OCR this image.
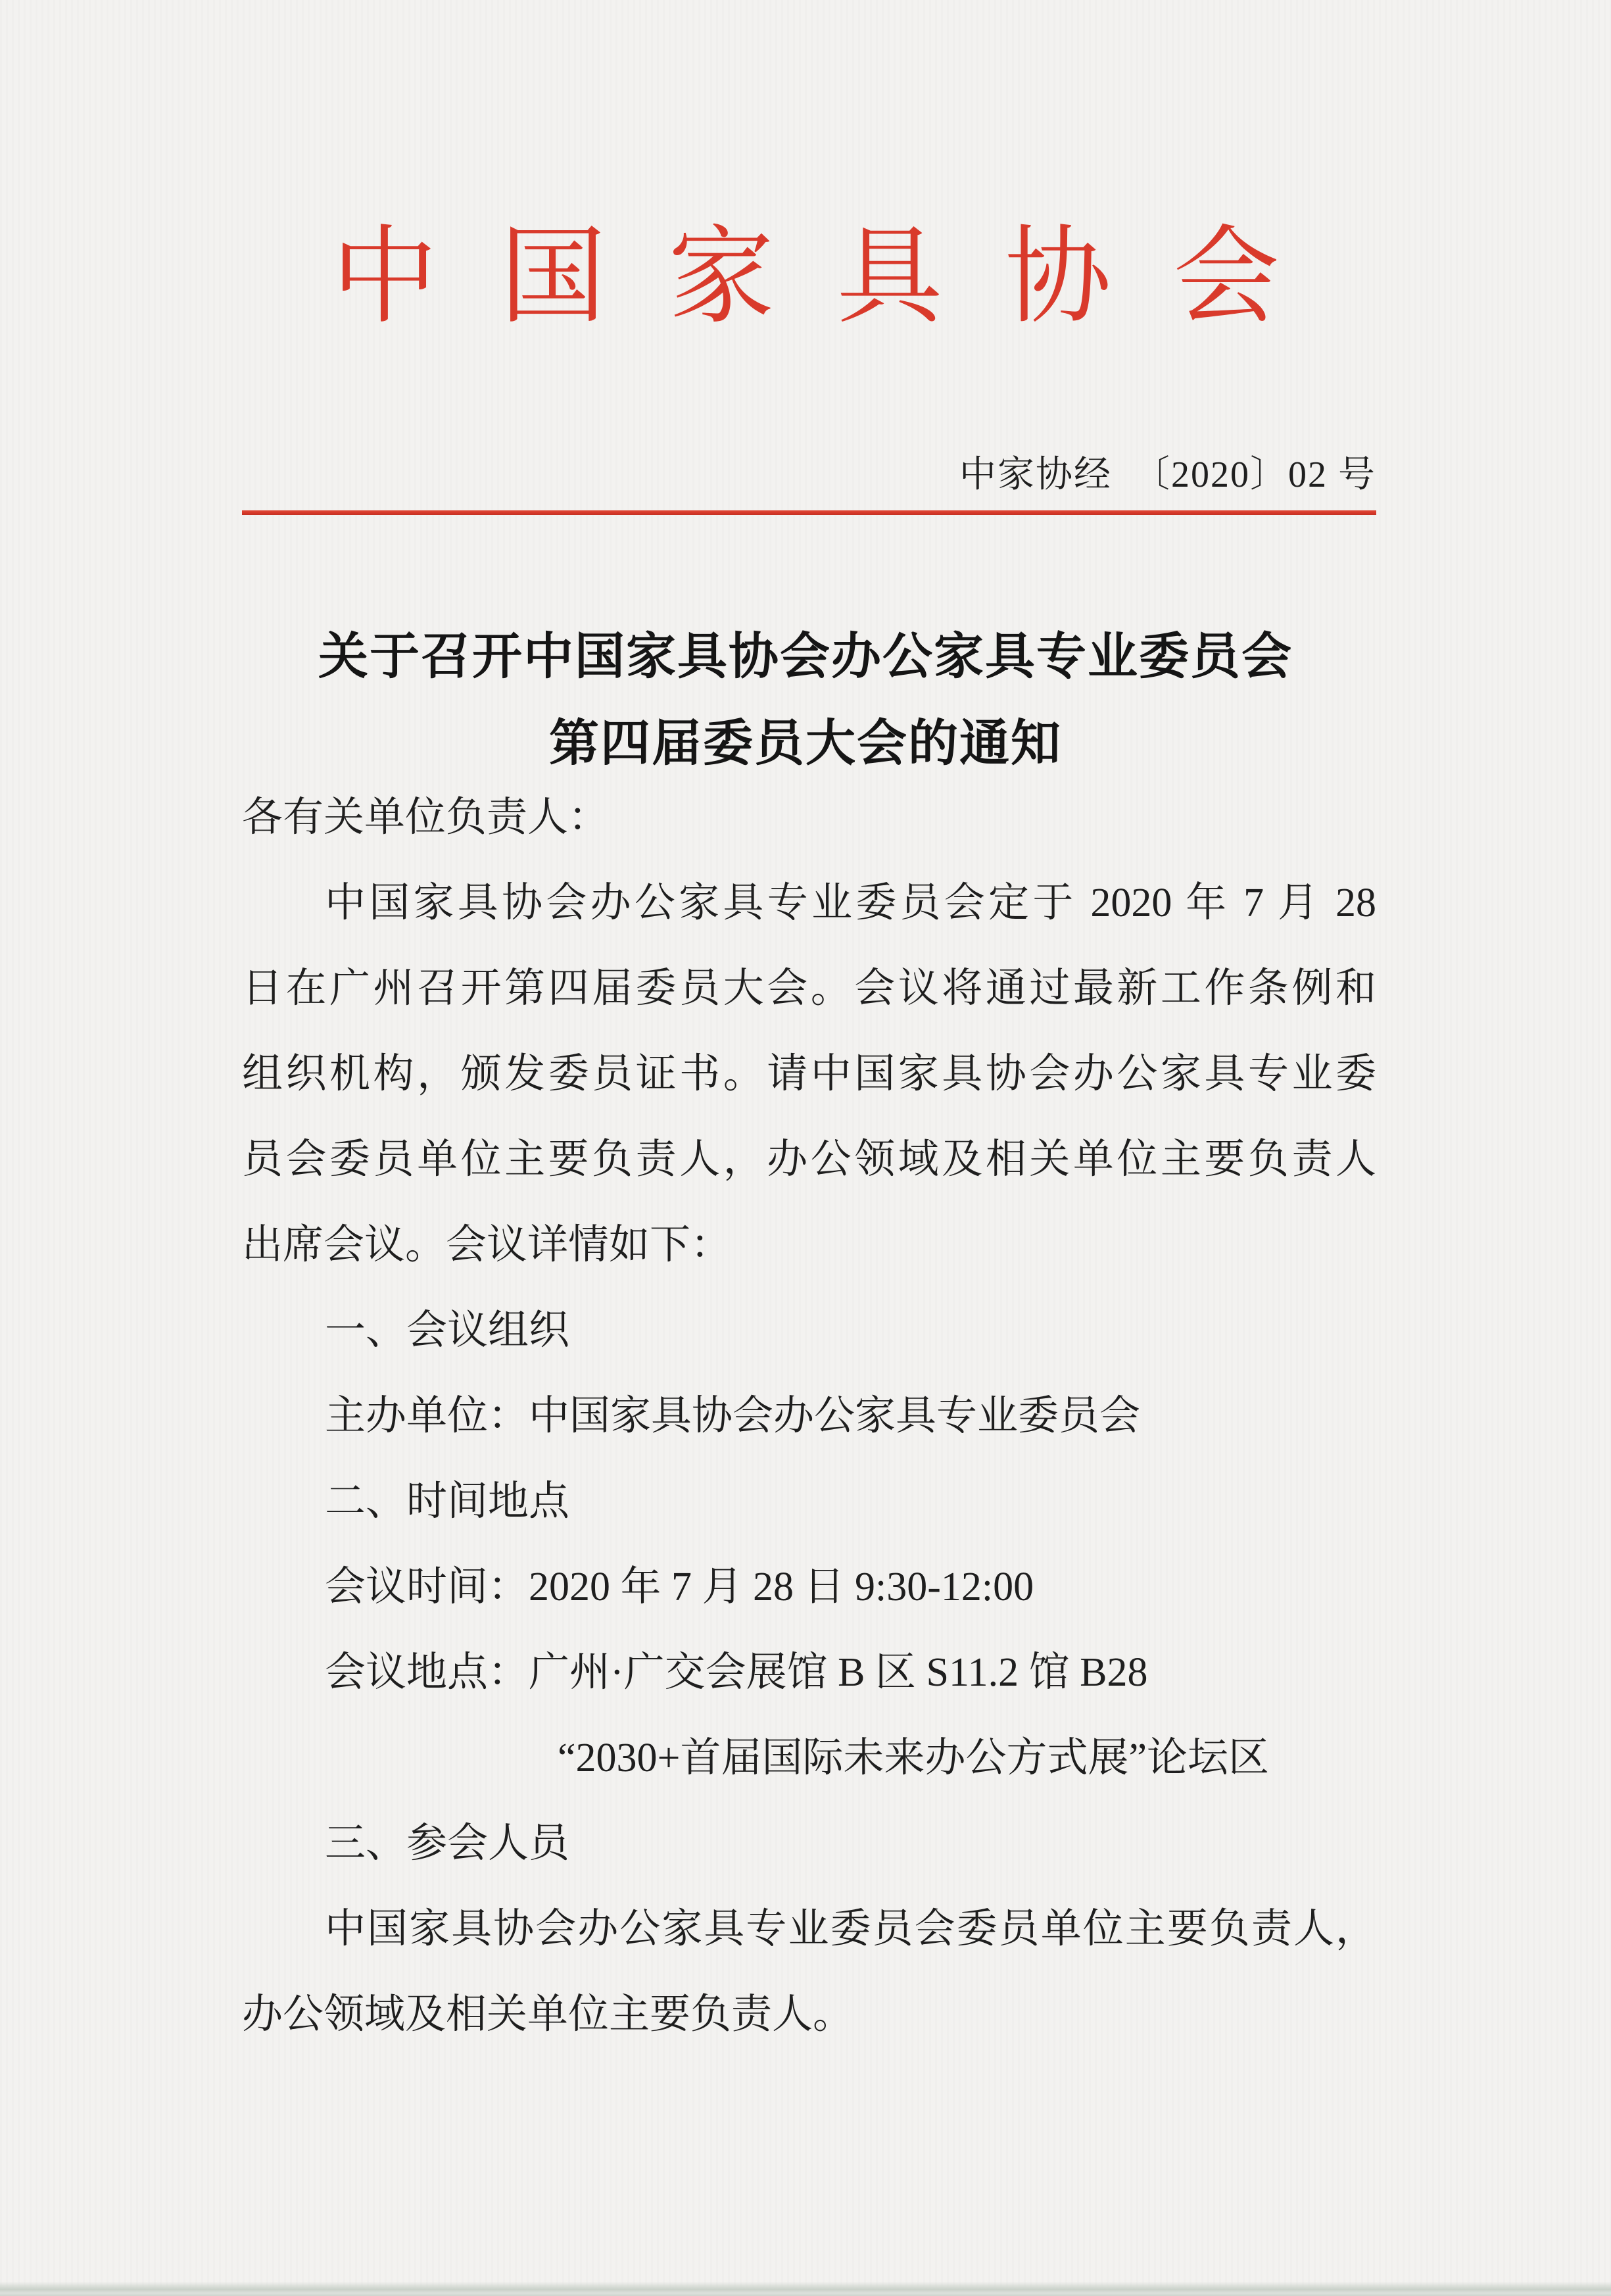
中 国 家 具 协 会
中家协经  〔2020〕02 号
关于召开中国家具协会办公家具专业委员会
第四届委员大会的通知
各有关单位负责人：
中国家具协会办公家具专业委员会定于 2020 年 7 月 28
日在广州召开第四届委员大会。会议将通过最新工作条例和
组织机构，颁发委员证书。请中国家具协会办公家具专业委
员会委员单位主要负责人，办公领域及相关单位主要负责人
出席会议。会议详情如下：
一、会议组织
主办单位：中国家具协会办公家具专业委员会
二、时间地点
会议时间：2020 年 7 月 28 日 9:30-12:00
会议地点：广州·广交会展馆 B 区 S11.2 馆 B28
“2030+首届国际未来办公方式展”论坛区
三、参会人员
中国家具协会办公家具专业委员会委员单位主要负责人，
办公领域及相关单位主要负责人。
